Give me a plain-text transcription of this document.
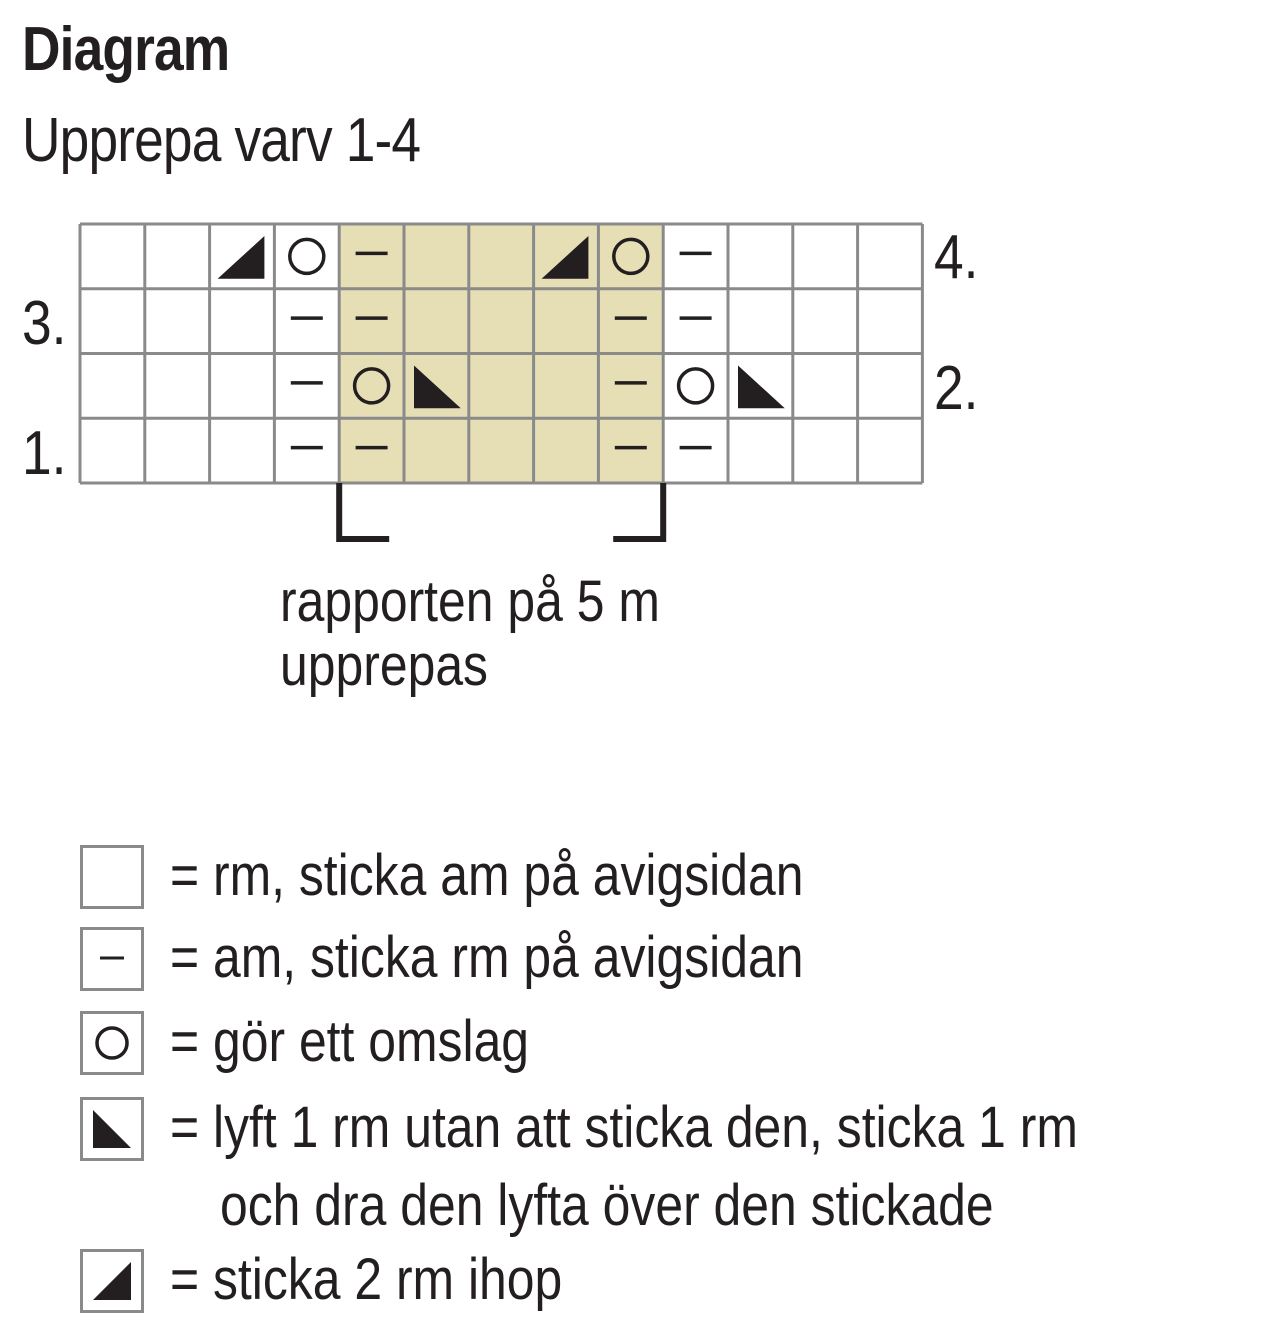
Diagram
Upprepa varv 1-4
4.
3.
2.
1.
rapporten på 5 m
upprepas
= rm, sticka am på avigsidan
= am, sticka rm på avigsidan
= gör ett omslag
= lyft 1 rm utan att sticka den, sticka 1 rm
och dra den lyfta över den stickade
= sticka 2 rm ihop
